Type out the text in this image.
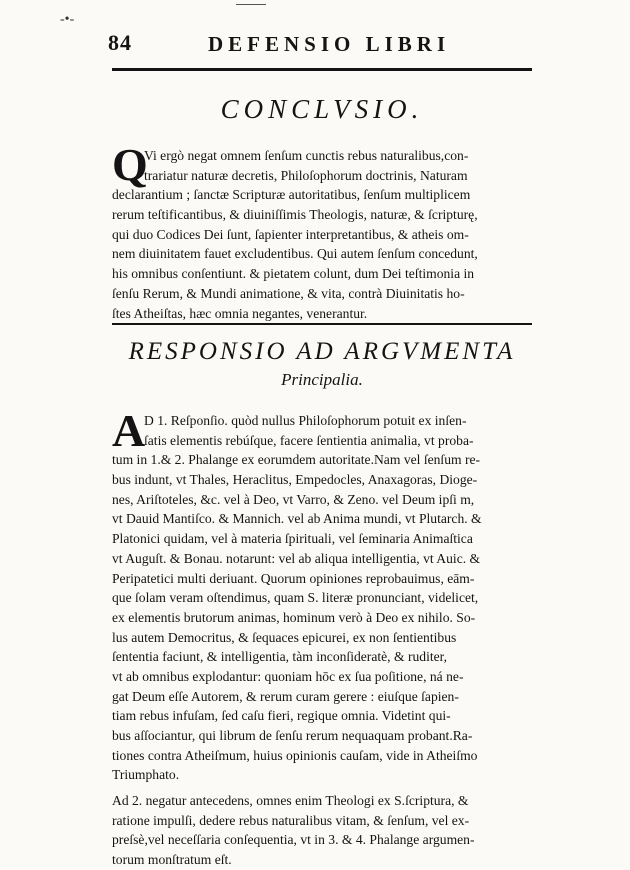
-•-
84	DEFENSIO LIBRI
CONCLVSIO.
Q
Vi ergò negat omnem ſenſum cunctis rebus naturalibus,con-
trariatur naturæ decretis, Philoſophorum doctrinis, Naturam
declarantium ; ſanctæ Scripturæ autoritatibus, ſenſum multiplicem
rerum teſtificantibus, & diuiniſſimis Theologis, naturæ, & ſcripturę,
qui duo Codices Dei ſunt, ſapienter interpretantibus, & atheis om-
nem diuinitatem fauet excludentibus. Qui autem ſenſum concedunt,
his omnibus conſentiunt. & pietatem colunt, dum Dei teſtimonia in
ſenſu Rerum, & Mundi animatione, & vita, contrà Diuinitatis ho-
ſtes Atheiſtas, hæc omnia negantes, venerantur.
RESPONSIO AD ARGVMENTA
Principalia.
A
D 1. Reſponſio. quòd nullus Philoſophorum potuit ex inſen-
ſatis elementis rebúſque, facere ſentientia animalia, vt proba-
tum in 1.& 2. Phalange ex eorumdem autoritate.Nam vel ſenſum re-
bus indunt, vt Thales, Heraclitus, Empedocles, Anaxagoras, Dioge-
nes, Ariſtoteles, &c. vel à Deo, vt Varro, & Zeno. vel Deum ipſi m,
vt Dauid Mantiſco. & Mannich. vel ab Anima mundi, vt Plutarch. &
Platonici quidam, vel à materia ſpirituali, vel ſeminaria Animaſtica
vt Auguſt. & Bonau. notarunt: vel ab aliqua intelligentia, vt Auic. &
Peripatetici multi deriuant. Quorum opiniones reprobauimus, eām-
que ſolam veram oſtendimus, quam S. literæ pronunciant, videlicet,
ex elementis brutorum animas, hominum verò à Deo ex nihilo. So-
lus autem Democritus, & ſequaces epicurei, ex non ſentientibus
ſententia faciunt, & intelligentia, tàm inconſideratè, & ruditer,
vt ab omnibus explodantur: quoniam hōc ex ſua poſitione, ná ne-
gat Deum eſſe Autorem, & rerum curam gerere : eiuſque ſapien-
tiam rebus infuſam, ſed caſu fieri, regique omnia. Videtint qui-
bus aſſociantur, qui librum de ſenſu rerum nequaquam probant.Ra-
tiones contra Atheiſmum, huius opinionis cauſam, vide in Atheiſmo
Triumphato.
Ad 2. negatur antecedens, omnes enim Theologi ex S.ſcriptura, &
ratione impulſi, dedere rebus naturalibus vitam, & ſenſum, vel ex-
preſsè,vel neceſſaria conſequentia, vt in 3. & 4. Phalange argumen-
torum monſtratum eſt.
